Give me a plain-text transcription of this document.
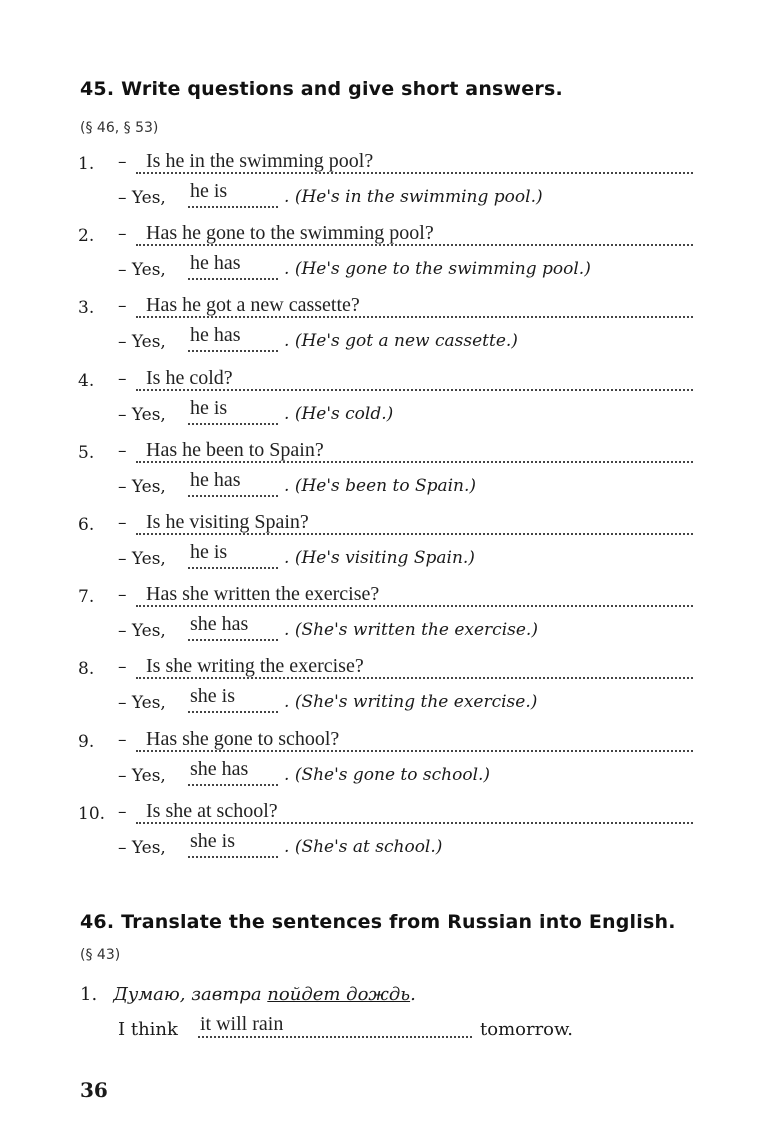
45. Write questions and give short answers.
(§ 46, § 53)
1. – Is he in the swimming pool?
– Yes, he is	. (He's in the swimming pool.)
2. – Has he gone to the swimming pool?
– Yes, he has	. (He's gone to the swimming pool.)
3. – Has he got a new cassette?
– Yes, he has	. (He's got a new cassette.)
4. – Is he cold?
– Yes, he is	. (He's cold.)
5. – Has he been to Spain?
– Yes, he has	. (He's been to Spain.)
6. – Is he visiting Spain?
– Yes, he is	. (He's visiting Spain.)
7. – Has she written the exercise?
– Yes, she has . (She's written the exercise.)
8. – Is she writing the exercise?
– Yes, she is	. (She's writing the exercise.)
9. – Has she gone to school?
– Yes, she has . (She's gone to school.)
10. – Is she at school?
– Yes, she is	. (She's at school.)
46. Translate the sentences from Russian into English.
(§ 43)
1. Думаю, завтра пойдет дождь.
I think it will rain	tomorrow.
36
